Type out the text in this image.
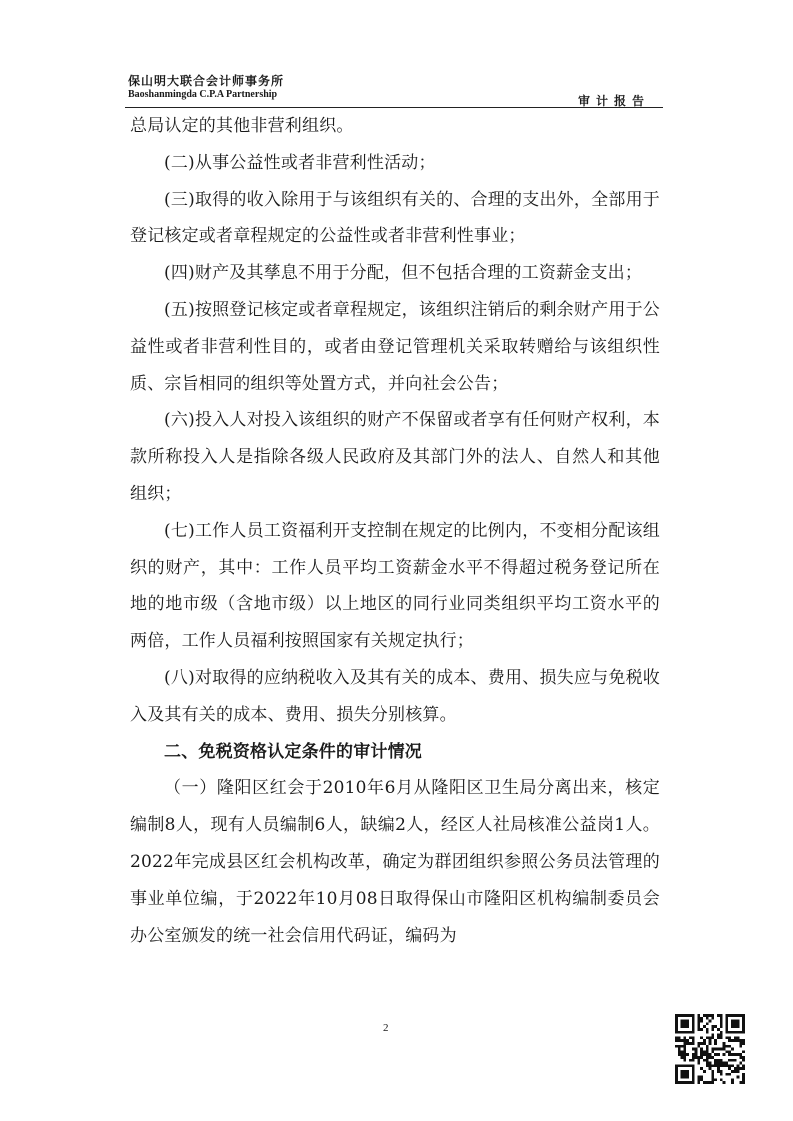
保山明大联合会计师事务所
Baoshanmingda C.P.A Partnership	审计报告

总局认定的其他非营利组织。

(二)从事公益性或者非营利性活动；

(三)取得的收入除用于与该组织有关的、合理的支出外，全部用于登记核定或者章程规定的公益性或者非营利性事业；

(四)财产及其孳息不用于分配，但不包括合理的工资薪金支出；

(五)按照登记核定或者章程规定，该组织注销后的剩余财产用于公益性或者非营利性目的，或者由登记管理机关采取转赠给与该组织性质、宗旨相同的组织等处置方式，并向社会公告；

(六)投入人对投入该组织的财产不保留或者享有任何财产权利，本款所称投入人是指除各级人民政府及其部门外的法人、自然人和其他组织；

(七)工作人员工资福利开支控制在规定的比例内，不变相分配该组织的财产，其中：工作人员平均工资薪金水平不得超过税务登记所在地的地市级（含地市级）以上地区的同行业同类组织平均工资水平的两倍，工作人员福利按照国家有关规定执行；

(八)对取得的应纳税收入及其有关的成本、费用、损失应与免税收入及其有关的成本、费用、损失分别核算。

二、免税资格认定条件的审计情况

（一）隆阳区红会于2010年6月从隆阳区卫生局分离出来，核定编制8人，现有人员编制6人，缺编2人，经区人社局核准公益岗1人。2022年完成县区红会机构改革，确定为群团组织参照公务员法管理的事业单位编，于2022年10月08日取得保山市隆阳区机构编制委员会办公室颁发的统一社会信用代码证，编码为

2
